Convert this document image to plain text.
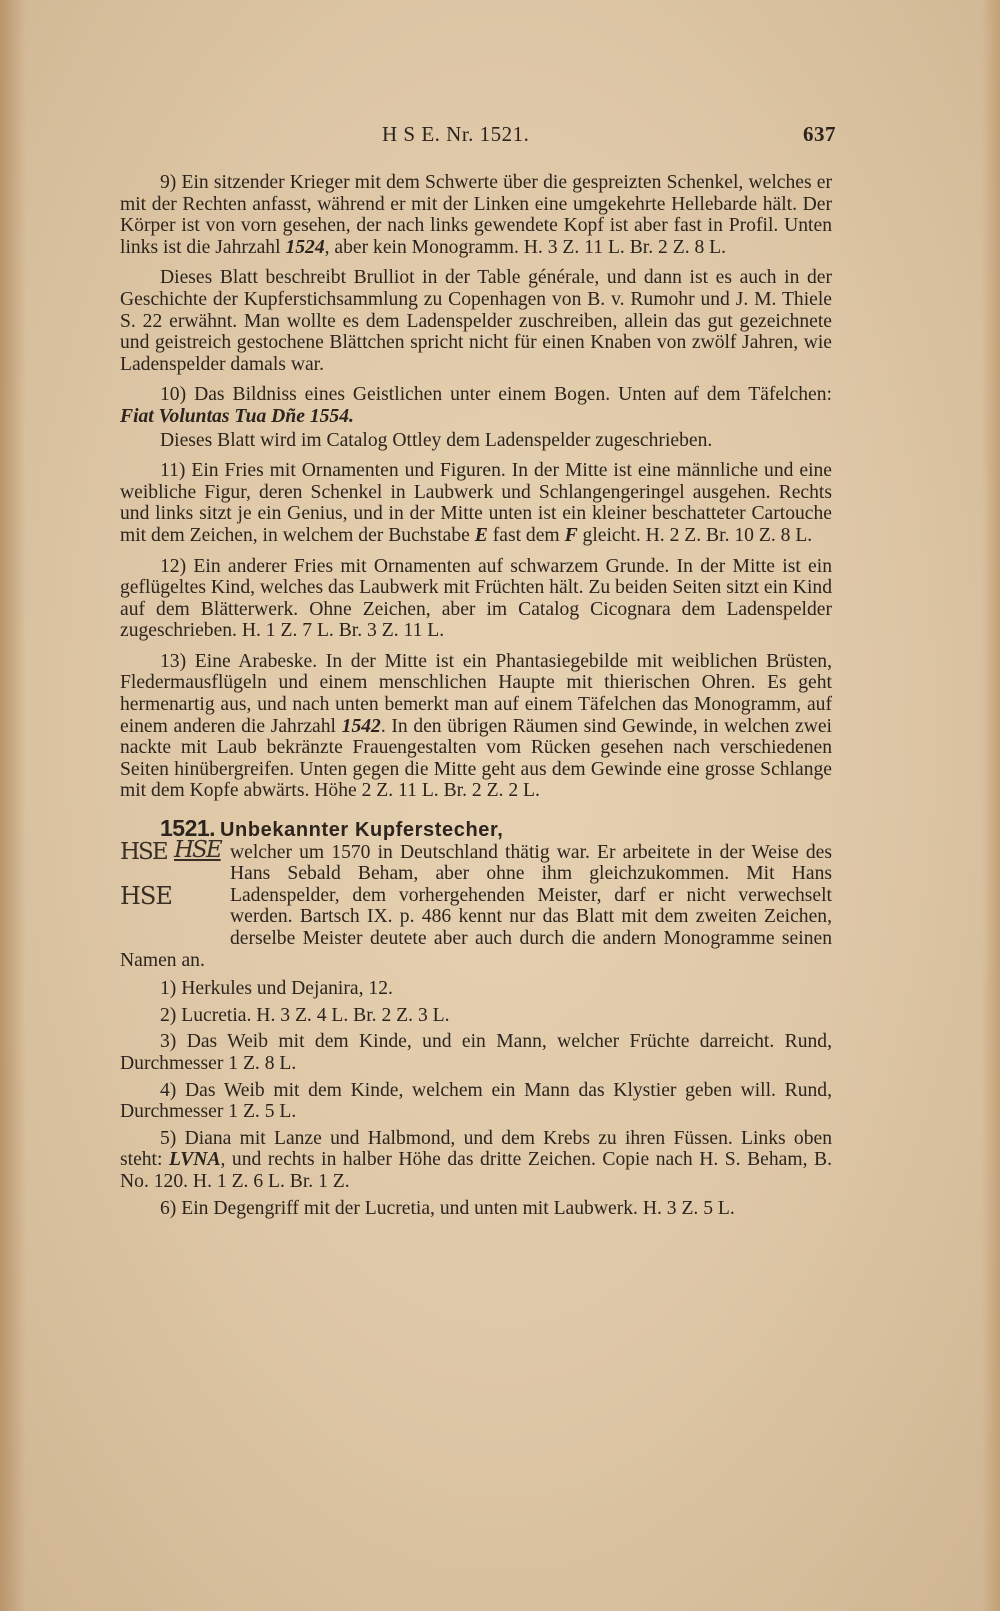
H S E. Nr. 1521.	637

9) Ein sitzender Krieger mit dem Schwerte über die gespreizten Schenkel, welches er mit der Rechten anfasst, während er mit der Linken eine umgekehrte Hellebarde hält. Der Körper ist von vorn gesehen, der nach links gewendete Kopf ist aber fast in Profil. Unten links ist die Jahrzahl 1524, aber kein Monogramm. H. 3 Z. 11 L. Br. 2 Z. 8 L.

Dieses Blatt beschreibt Brulliot in der Table générale, und dann ist es auch in der Geschichte der Kupferstichsammlung zu Copenhagen von B. v. Rumohr und J. M. Thiele S. 22 erwähnt. Man wollte es dem Ladenspelder zuschreiben, allein das gut gezeichnete und geistreich gestochene Blättchen spricht nicht für einen Knaben von zwölf Jahren, wie Ladenspelder damals war.

10) Das Bildniss eines Geistlichen unter einem Bogen. Unten auf dem Täfelchen: Fiat Voluntas Tua Dñe 1554.

Dieses Blatt wird im Catalog Ottley dem Ladenspelder zugeschrieben.

11) Ein Fries mit Ornamenten und Figuren. In der Mitte ist eine männliche und eine weibliche Figur, deren Schenkel in Laubwerk und Schlangengeringel ausgehen. Rechts und links sitzt je ein Genius, und in der Mitte unten ist ein kleiner beschatteter Cartouche mit dem Zeichen, in welchem der Buchstabe E fast dem F gleicht. H. 2 Z. Br. 10 Z. 8 L.

12) Ein anderer Fries mit Ornamenten auf schwarzem Grunde. In der Mitte ist ein geflügeltes Kind, welches das Laubwerk mit Früchten hält. Zu beiden Seiten sitzt ein Kind auf dem Blätterwerk. Ohne Zeichen, aber im Catalog Cicognara dem Ladenspelder zugeschrieben. H. 1 Z. 7 L. Br. 3 Z. 11 L.

13) Eine Arabeske. In der Mitte ist ein Phantasiegebilde mit weiblichen Brüsten, Fledermausflügeln und einem menschlichen Haupte mit thierischen Ohren. Es geht hermenartig aus, und nach unten bemerkt man auf einem Täfelchen das Monogramm, auf einem anderen die Jahrzahl 1542. In den übrigen Räumen sind Gewinde, in welchen zwei nackte mit Laub bekränzte Frauengestalten vom Rücken gesehen nach verschiedenen Seiten hinübergreifen. Unten gegen die Mitte geht aus dem Gewinde eine grosse Schlange mit dem Kopfe abwärts. Höhe 2 Z. 11 L. Br. 2 Z. 2 L.

1521. Unbekannter Kupferstecher,

HSE HSE
HSE

welcher um 1570 in Deutschland thätig war. Er arbeitete in der Weise des Hans Sebald Beham, aber ohne ihm gleichzukommen. Mit Hans Ladenspelder, dem vorhergehenden Meister, darf er nicht verwechselt werden. Bartsch IX. p. 486 kennt nur das Blatt mit dem zweiten Zeichen, derselbe Meister deutete aber auch durch die andern Monogramme seinen Namen an.

1) Herkules und Dejanira, 12.

2) Lucretia. H. 3 Z. 4 L. Br. 2 Z. 3 L.

3) Das Weib mit dem Kinde, und ein Mann, welcher Früchte darreicht. Rund, Durchmesser 1 Z. 8 L.

4) Das Weib mit dem Kinde, welchem ein Mann das Klystier geben will. Rund, Durchmesser 1 Z. 5 L.

5) Diana mit Lanze und Halbmond, und dem Krebs zu ihren Füssen. Links oben steht: LVNA, und rechts in halber Höhe das dritte Zeichen. Copie nach H. S. Beham, B. No. 120. H. 1 Z. 6 L. Br. 1 Z.

6) Ein Degengriff mit der Lucretia, und unten mit Laubwerk. H. 3 Z. 5 L.
